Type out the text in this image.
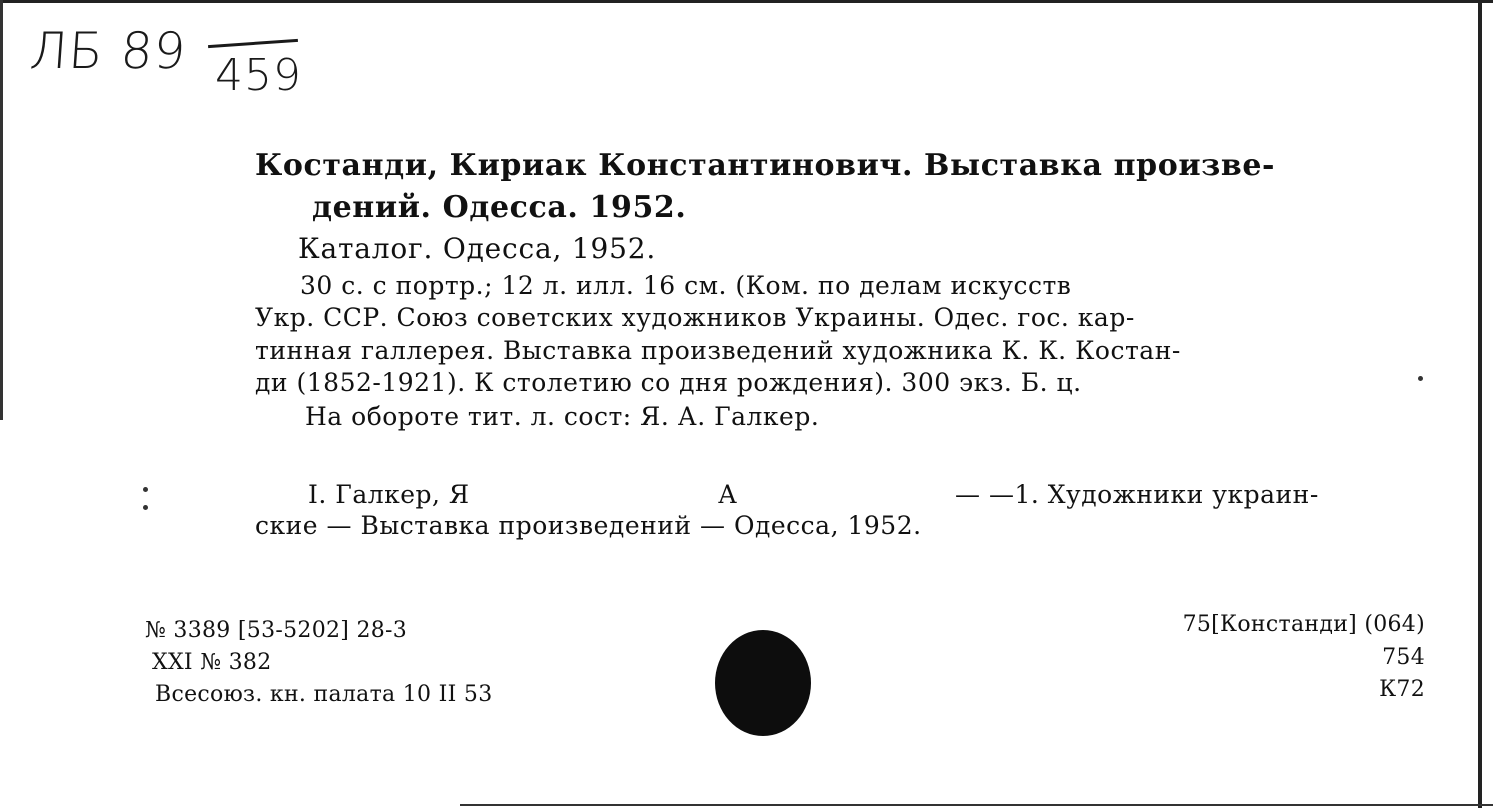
ЛБ 89 459
Костанди, Кириак Константинович. Выставка произве-
дений. Одесса. 1952.
Каталог. Одесса, 1952.
30 с. с портр.; 12 л. илл. 16 см. (Ком. по делам искусств
Укр. ССР. Союз советских художников Украины. Одес. гос. кар-
тинная галлерея. Выставка произведений художника К. К. Костан-
ди (1852-1921). К столетию со дня рождения). 300 экз. Б. ц.
На обороте тит. л. сост: Я. А. Галкер.
I. Галкер, Я	А	— —1. Художники украин-
ские — Выставка произведений — Одесса, 1952.
№ 3389 [53-5202] 28-3
XXI № 382
Всесоюз. кн. палата 10 II 53
75[Констанди] (064)
754
К72
